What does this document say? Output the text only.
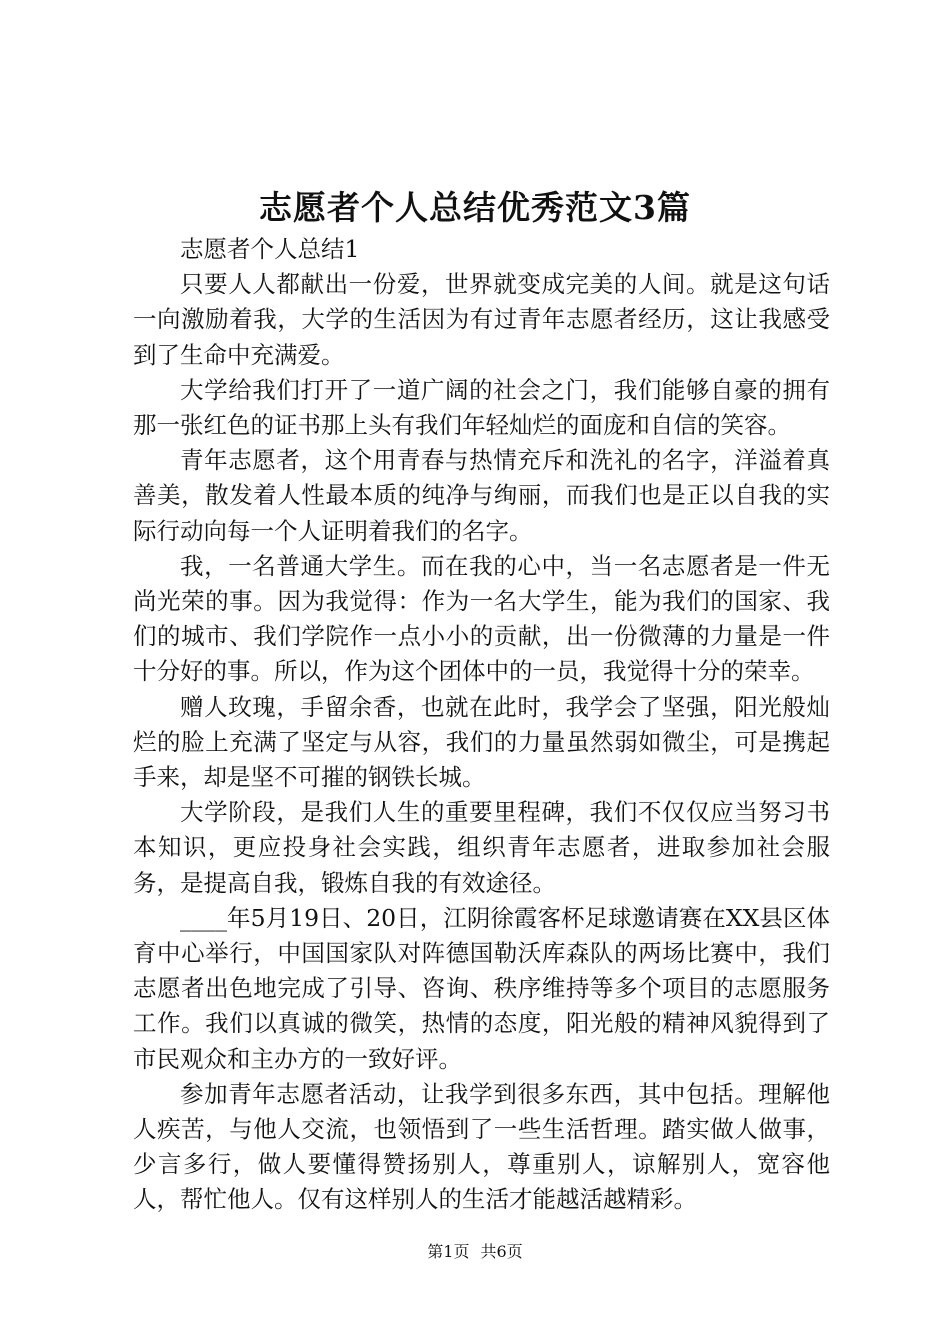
志愿者个人总结优秀范文3篇

志愿者个人总结1

只要人人都献出一份爱，世界就变成完美的人间。就是这句话一向激励着我，大学的生活因为有过青年志愿者经历，这让我感受到了生命中充满爱。

大学给我们打开了一道广阔的社会之门，我们能够自豪的拥有那一张红色的证书那上头有我们年轻灿烂的面庞和自信的笑容。

青年志愿者，这个用青春与热情充斥和洗礼的名字，洋溢着真善美，散发着人性最本质的纯净与绚丽，而我们也是正以自我的实际行动向每一个人证明着我们的名字。

我，一名普通大学生。而在我的心中，当一名志愿者是一件无尚光荣的事。因为我觉得：作为一名大学生，能为我们的国家、我们的城市、我们学院作一点小小的贡献，出一份微薄的力量是一件十分好的事。所以，作为这个团体中的一员，我觉得十分的荣幸。

赠人玫瑰，手留余香，也就在此时，我学会了坚强，阳光般灿烂的脸上充满了坚定与从容，我们的力量虽然弱如微尘，可是携起手来，却是坚不可摧的钢铁长城。

大学阶段，是我们人生的重要里程碑，我们不仅仅应当努习书本知识，更应投身社会实践，组织青年志愿者，进取参加社会服务，是提高自我，锻炼自我的有效途径。

____年5月19日、20日，江阴徐霞客杯足球邀请赛在XX县区体育中心举行，中国国家队对阵德国勒沃库森队的两场比赛中，我们志愿者出色地完成了引导、咨询、秩序维持等多个项目的志愿服务工作。我们以真诚的微笑，热情的态度，阳光般的精神风貌得到了市民观众和主办方的一致好评。

参加青年志愿者活动，让我学到很多东西，其中包括。理解他人疾苦，与他人交流，也领悟到了一些生活哲理。踏实做人做事，少言多行，做人要懂得赞扬别人，尊重别人，谅解别人，宽容他人，帮忙他人。仅有这样别人的生活才能越活越精彩。

第1页 共6页
